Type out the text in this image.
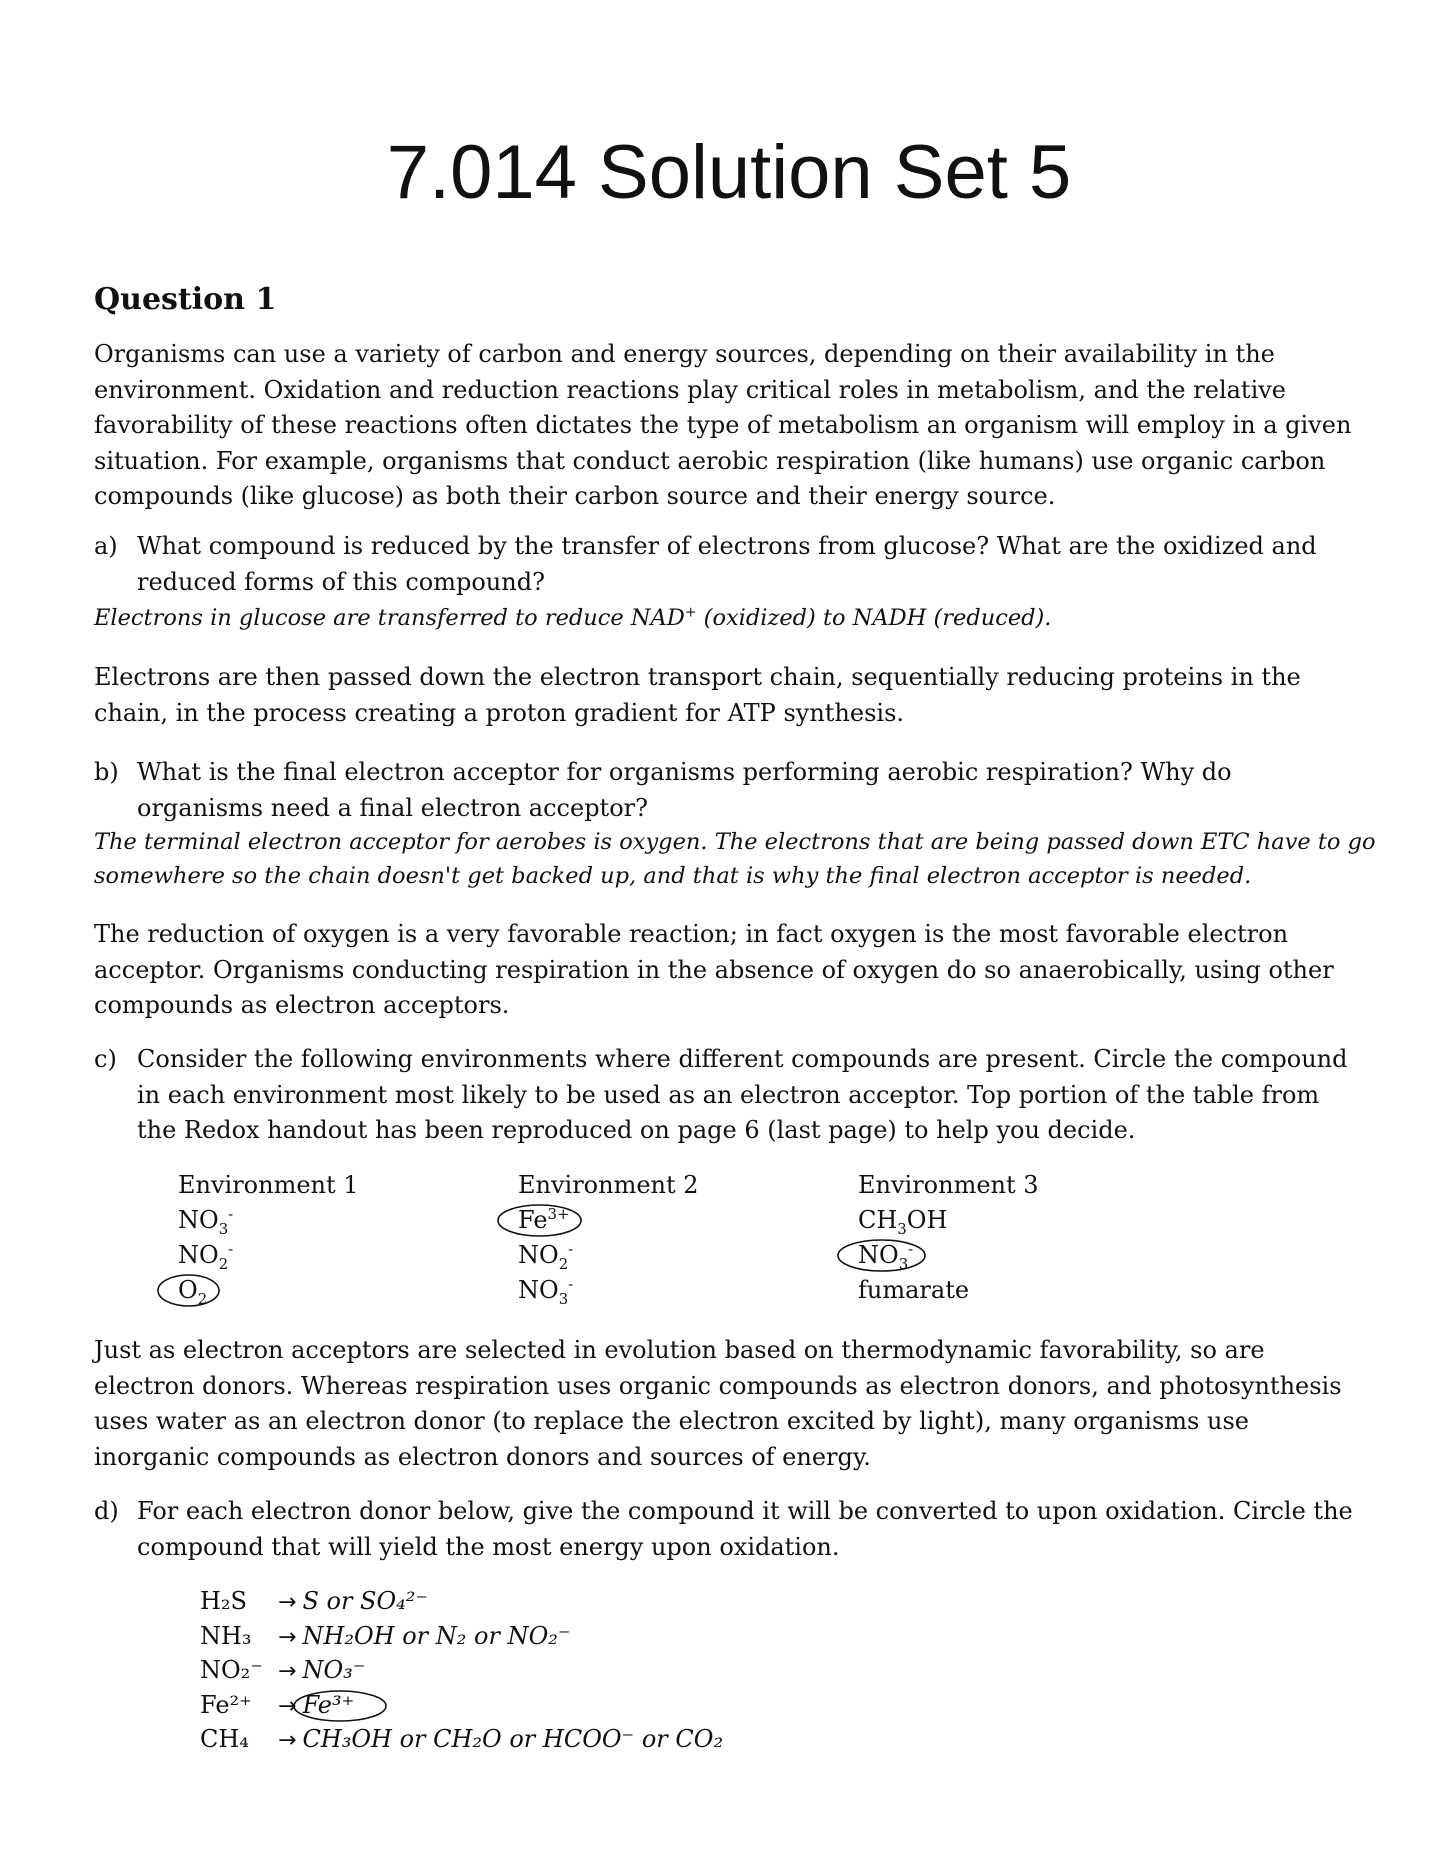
7.014 Solution Set 5
Question 1

Organisms can use a variety of carbon and energy sources, depending on their availability in the environment. Oxidation and reduction reactions play critical roles in metabolism, and the relative favorability of these reactions often dictates the type of metabolism an organism will employ in a given situation. For example, organisms that conduct aerobic respiration (like humans) use organic carbon compounds (like glucose) as both their carbon source and their energy source.

a) What compound is reduced by the transfer of electrons from glucose? What are the oxidized and reduced forms of this compound?

Electrons in glucose are transferred to reduce NAD+ (oxidized) to NADH (reduced).

Electrons are then passed down the electron transport chain, sequentially reducing proteins in the chain, in the process creating a proton gradient for ATP synthesis.

b) What is the final electron acceptor for organisms performing aerobic respiration? Why do organisms need a final electron acceptor?

The terminal electron acceptor for aerobes is oxygen. The electrons that are being passed down ETC have to go somewhere so the chain doesn't get backed up, and that is why the final electron acceptor is needed.

The reduction of oxygen is a very favorable reaction; in fact oxygen is the most favorable electron acceptor. Organisms conducting respiration in the absence of oxygen do so anaerobically, using other compounds as electron acceptors.

c) Consider the following environments where different compounds are present. Circle the compound in each environment most likely to be used as an electron acceptor. Top portion of the table from the Redox handout has been reproduced on page 6 (last page) to help you decide.

Environment 1
$NO_3^-$
$NO_2^-$
$O_2$
Environment 2
$Fe^{3+}$
$NO_2^-$
$NO_3^-$
Environment 3
$CH_3OH$
$NO_3^-$
fumarate

Just as electron acceptors are selected in evolution based on thermodynamic favorability, so are electron donors. Whereas respiration uses organic compounds as electron donors, and photosynthesis uses water as an electron donor (to replace the electron excited by light), many organisms use inorganic compounds as electron donors and sources of energy.

d) For each electron donor below, give the compound it will be converted to upon oxidation. Circle the compound that will yield the most energy upon oxidation.

H₂S → S or SO₄²⁻
NH₃ → NH₂OH or N₂ or NO₂⁻
NO₂⁻ → NO₃⁻
Fe²⁺ → Fe³⁺
CH₄ → CH₃OH or CH₂O or HCOO⁻ or CO₂
